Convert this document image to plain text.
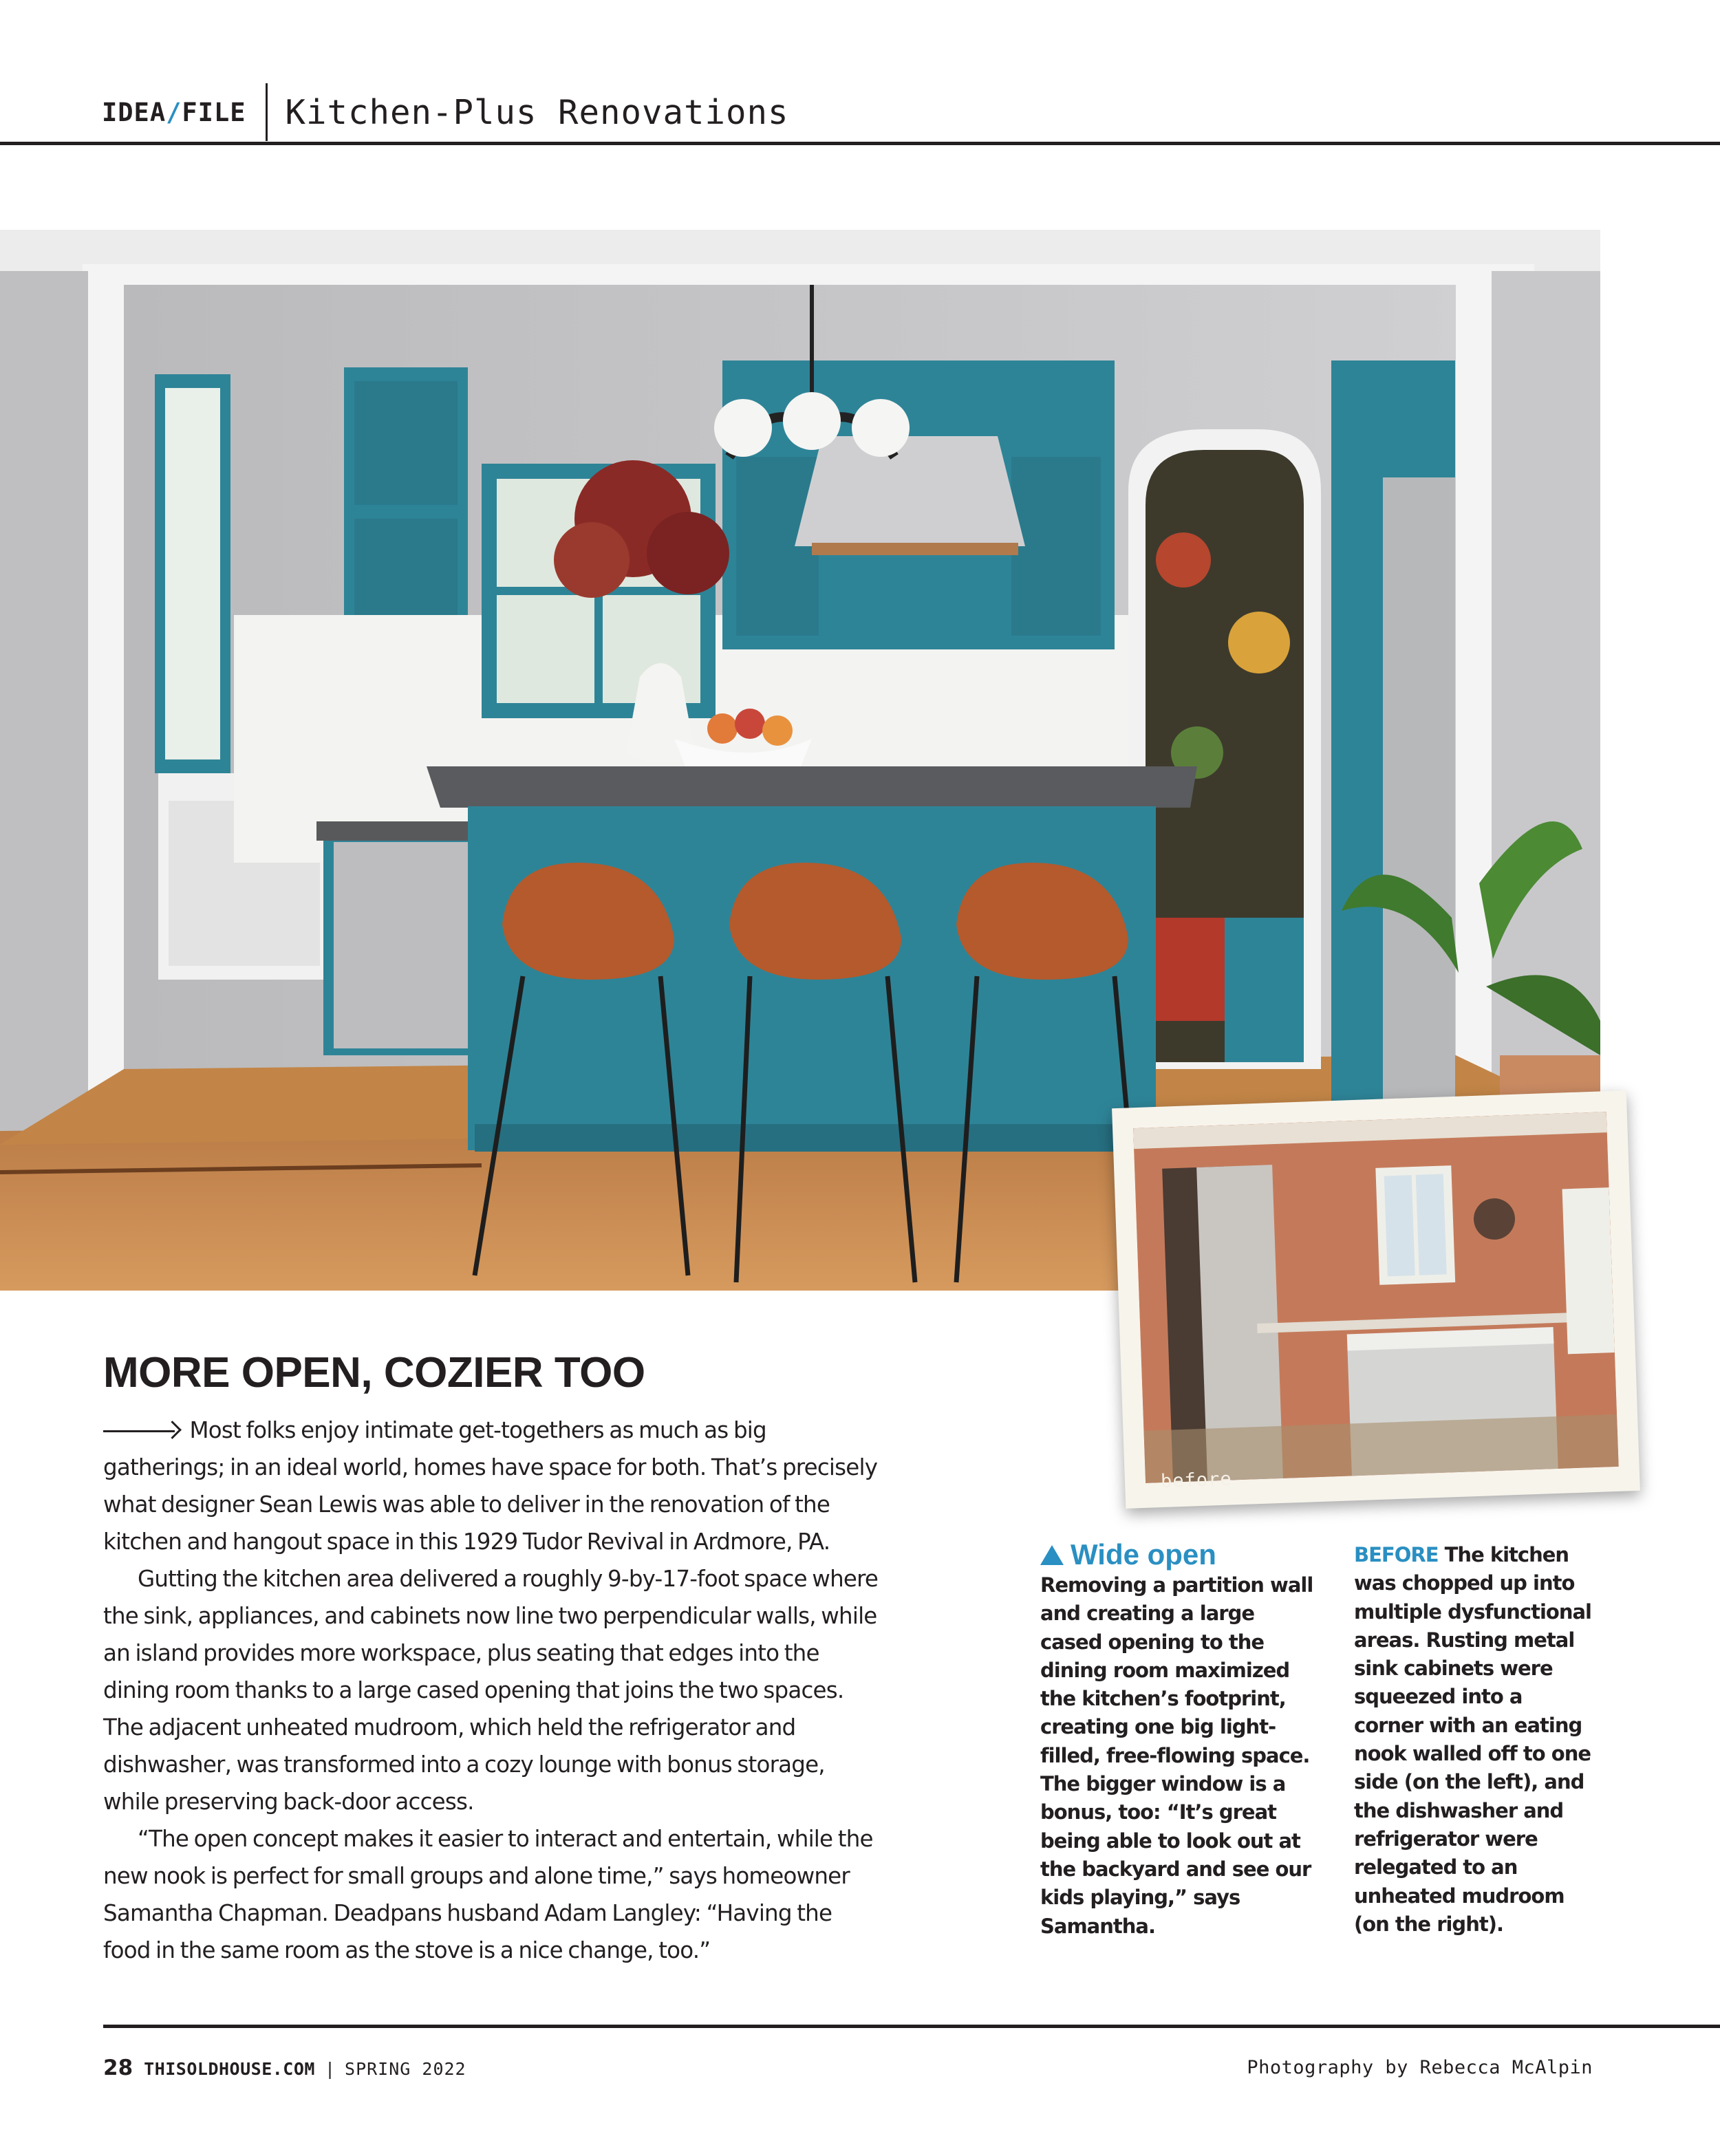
IDEA/FILE Kitchen-Plus Renovations
before
MORE OPEN, COZIER TOO

Most folks enjoy intimate get-togethers as much as big gatherings; in an ideal world, homes have space for both. That’s precisely what designer Sean Lewis was able to deliver in the renovation of the kitchen and hangout space in this 1929 Tudor Revival in Ardmore, PA.

Gutting the kitchen area delivered a roughly 9-by-17-foot space where the sink, appliances, and cabinets now line two perpendicular walls, while an island provides more workspace, plus seating that edges into the dining room thanks to a large cased opening that joins the two spaces. The adjacent unheated mudroom, which held the refrigerator and dishwasher, was transformed into a cozy lounge with bonus storage, while preserving back-door access.

“The open concept makes it easier to interact and entertain, while the new nook is perfect for small groups and alone time,” says homeowner Samantha Chapman. Deadpans husband Adam Langley: “Having the food in the same room as the stove is a nice change, too.”

Wide open
Removing a partition wall and creating a large cased opening to the dining room maximized the kitchen’s footprint, creating one big light-filled, free-flowing space. The bigger window is a bonus, too: “It’s great being able to look out at the backyard and see our kids playing,” says Samantha.
BEFORE The kitchen was chopped up into multiple dysfunctional areas. Rusting metal sink cabinets were squeezed into a corner with an eating nook walled off to one side (on the left), and the dishwasher and refrigerator were relegated to an unheated mudroom (on the right).
28 THISOLDHOUSE.COM | SPRING 2022	Photography by Rebecca McAlpin
